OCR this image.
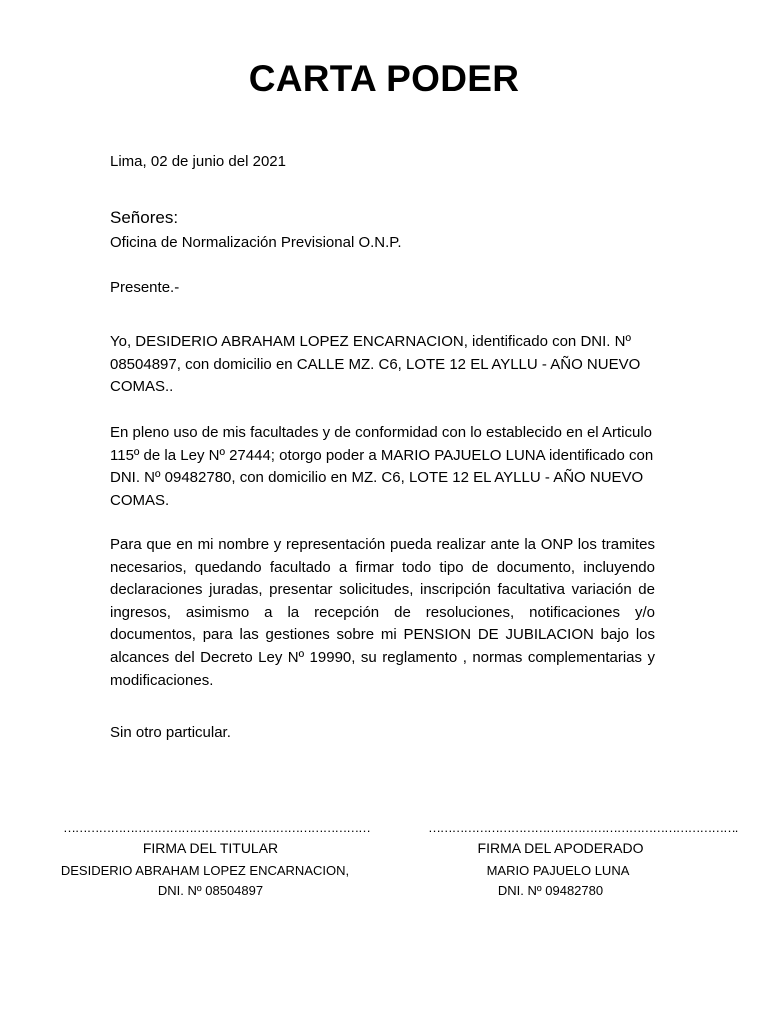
CARTA PODER

Lima, 02 de junio del 2021

Señores:

Oficina de Normalización Previsional O.N.P.

Presente.-

Yo, DESIDERIO ABRAHAM LOPEZ ENCARNACION, identificado con DNI. Nº 08504897, con domicilio en CALLE MZ. C6, LOTE 12 EL AYLLU - AÑO NUEVO COMAS..

En pleno uso de mis facultades y de conformidad con lo establecido en el Articulo 115º de la Ley Nº 27444; otorgo poder a MARIO PAJUELO LUNA identificado con DNI. Nº 09482780, con domicilio en MZ. C6, LOTE 12 EL AYLLU - AÑO NUEVO COMAS.

Para que en mi nombre y representación pueda realizar ante la ONP los tramites necesarios, quedando facultado a firmar todo tipo de documento, incluyendo declaraciones juradas, presentar solicitudes, inscripción facultativa variación de ingresos, asimismo a la recepción de resoluciones, notificaciones y/o documentos, para las gestiones sobre mi PENSION DE JUBILACION bajo los alcances del Decreto Ley Nº 19990, su reglamento , normas complementarias y modificaciones.

Sin otro particular.

……………………………………………………………………
FIRMA DEL TITULAR
DESIDERIO ABRAHAM LOPEZ ENCARNACION,
DNI. Nº 08504897
…………………………………………………………………….
FIRMA DEL APODERADO
MARIO PAJUELO LUNA
DNI. Nº 09482780
